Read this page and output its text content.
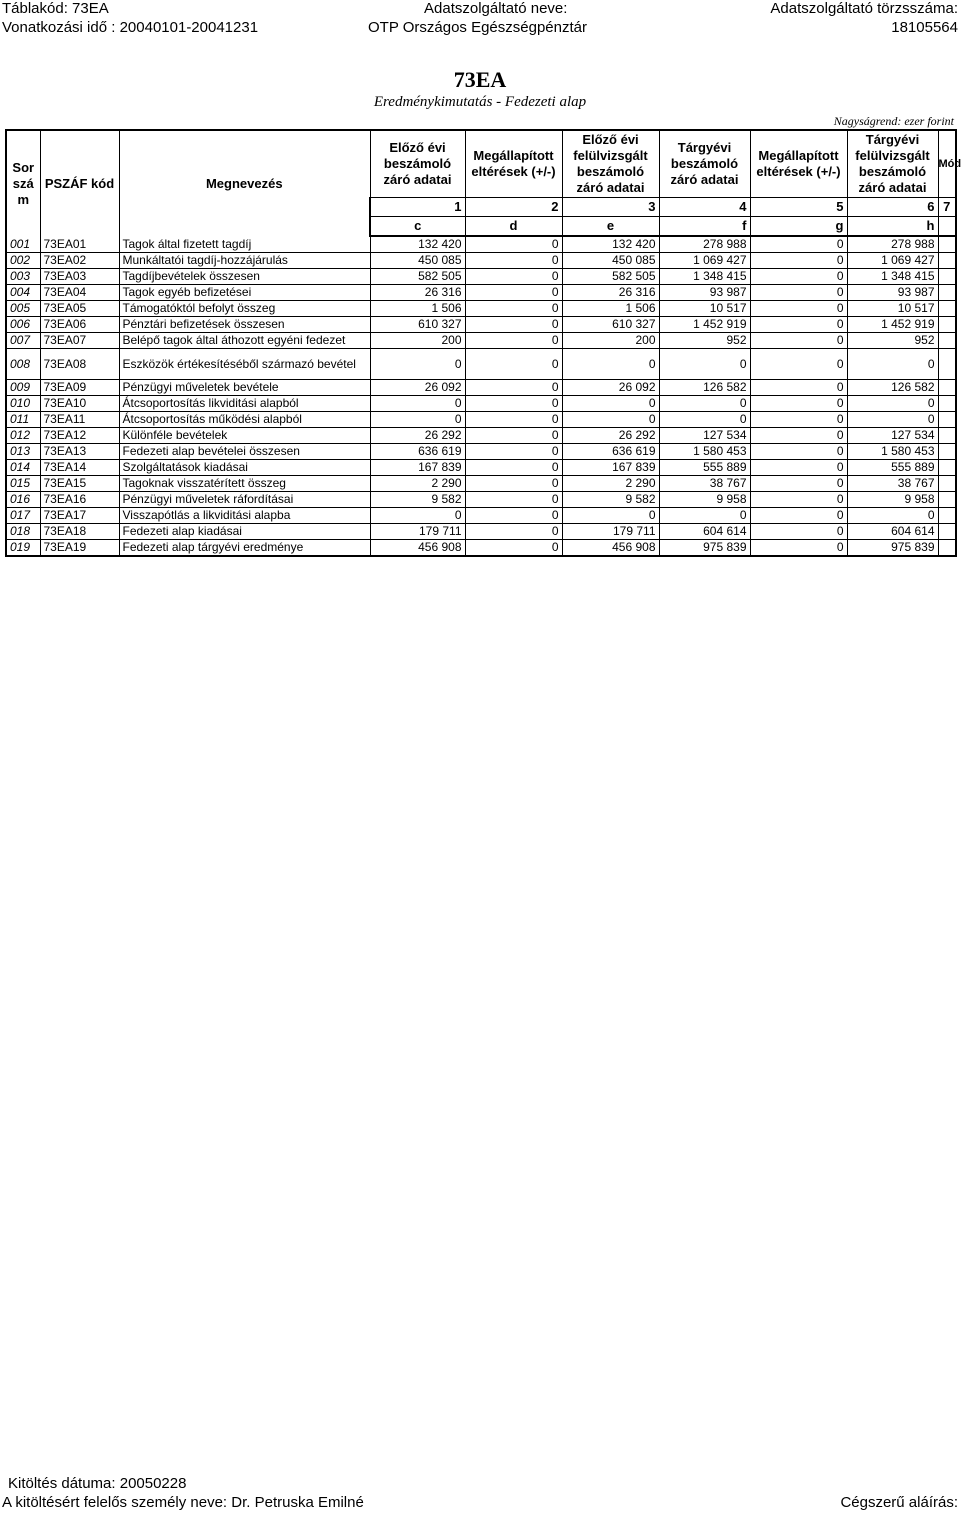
Táblakód: 73EA	Adatszolgáltató neve:	Adatszolgáltató törzsszáma:
Vonatkozási idő : 20040101-20041231	OTP Országos Egészségpénztár	18105564
73EA
Eredménykimutatás - Fedezeti alap
Nagyságrend: ezer forint
Sorszám	PSZÁF kód	Megnevezés	Előző évi beszámoló záró adatai	Megállapított eltérések (+/-)	Előző évi felülvizsgált beszámoló záró adatai	Tárgyévi beszámoló záró adatai	Megállapított eltérések (+/-)	Tárgyévi felülvizsgált beszámoló záró adatai	Mód
			1	2	3	4	5	6	7
			c	d	e	f	g	h	
001	73EA01	Tagok által fizetett tagdíj	132 420	0	132 420	278 988	0	278 988	
002	73EA02	Munkáltatói tagdíj-hozzájárulás	450 085	0	450 085	1 069 427	0	1 069 427	
003	73EA03	Tagdíjbevételek összesen	582 505	0	582 505	1 348 415	0	1 348 415	
004	73EA04	Tagok egyéb befizetései	26 316	0	26 316	93 987	0	93 987	
005	73EA05	Támogatóktól befolyt összeg	1 506	0	1 506	10 517	0	10 517	
006	73EA06	Pénztári befizetések összesen	610 327	0	610 327	1 452 919	0	1 452 919	
007	73EA07	Belépő tagok által áthozott egyéni fedezet	200	0	200	952	0	952	
008	73EA08	Eszközök értékesítéséből származó bevétel	0	0	0	0	0	0	
009	73EA09	Pénzügyi műveletek bevétele	26 092	0	26 092	126 582	0	126 582	
010	73EA10	Átcsoportosítás likviditási alapból	0	0	0	0	0	0	
011	73EA11	Átcsoportosítás működési alapból	0	0	0	0	0	0	
012	73EA12	Különféle bevételek	26 292	0	26 292	127 534	0	127 534	
013	73EA13	Fedezeti alap bevételei összesen	636 619	0	636 619	1 580 453	0	1 580 453	
014	73EA14	Szolgáltatások kiadásai	167 839	0	167 839	555 889	0	555 889	
015	73EA15	Tagoknak visszatérített összeg	2 290	0	2 290	38 767	0	38 767	
016	73EA16	Pénzügyi műveletek ráfordításai	9 582	0	9 582	9 958	0	9 958	
017	73EA17	Visszapótlás a likviditási alapba	0	0	0	0	0	0	
018	73EA18	Fedezeti alap kiadásai	179 711	0	179 711	604 614	0	604 614	
019	73EA19	Fedezeti alap tárgyévi eredménye	456 908	0	456 908	975 839	0	975 839	
Kitöltés dátuma: 20050228
A kitöltésért felelős személy neve: Dr. Petruska Emilné	Cégszerű aláírás:
